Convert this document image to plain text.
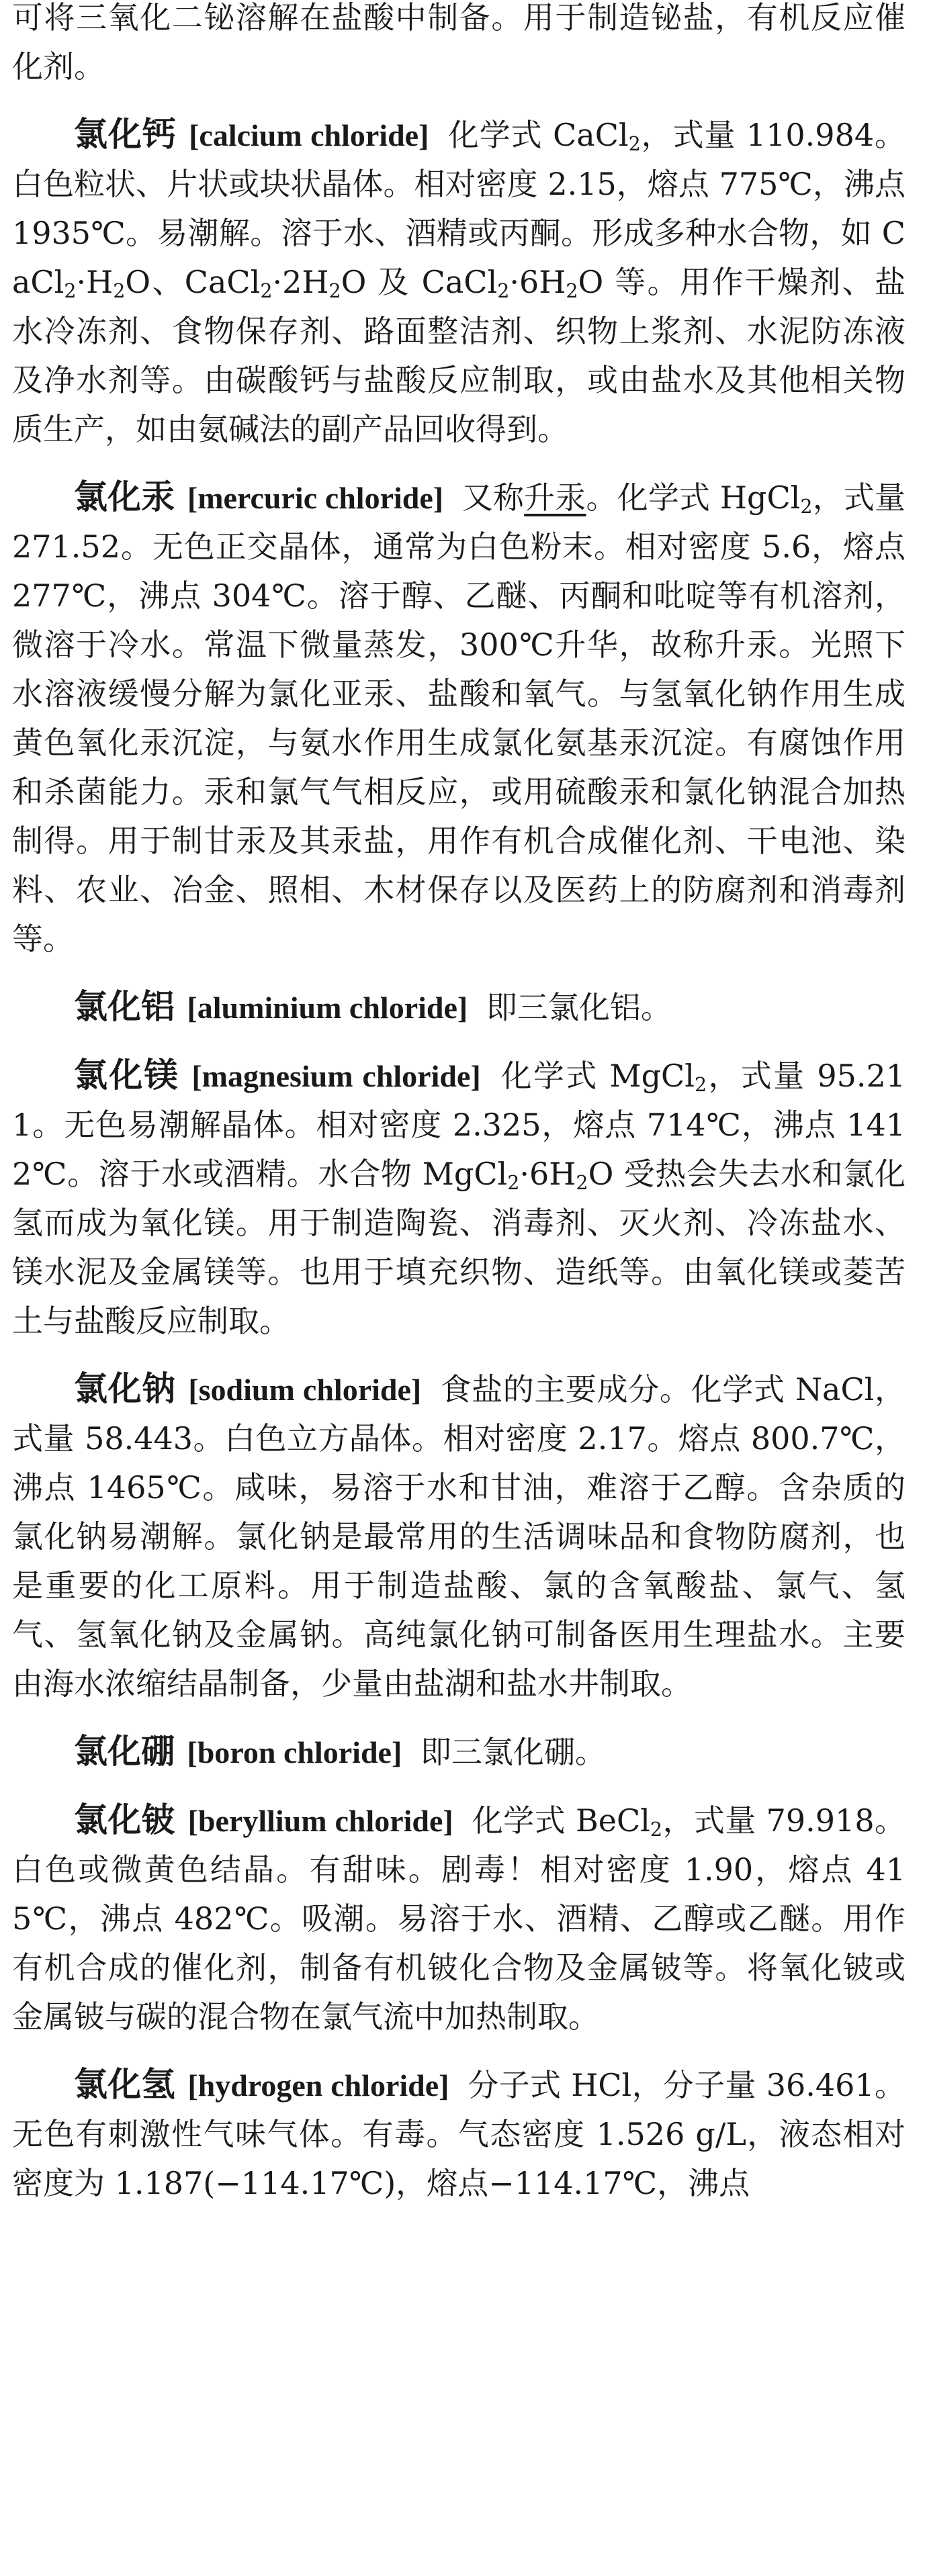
可将三氧化二铋溶解在盐酸中制备。用于制造铋盐，有机反应催化剂。

氯化钙 [calcium chloride] 化学式 CaCl$_2$，式量 110.984。白色粒状、片状或块状晶体。相对密度 2.15，熔点 775℃，沸点 1935℃。易潮解。溶于水、酒精或丙酮。形成多种水合物，如 $CaCl_2\cdot H_2O$、$CaCl_2\cdot 2H_2O$ 及 $CaCl_2\cdot 6H_2O$ 等。用作干燥剂、盐水冷冻剂、食物保存剂、路面整洁剂、织物上浆剂、水泥防冻液及净水剂等。由碳酸钙与盐酸反应制取，或由盐水及其他相关物质生产，如由氨碱法的副产品回收得到。

氯化汞 [mercuric chloride] 又称升汞。化学式 HgCl$_2$，式量 271.52。无色正交晶体，通常为白色粉末。相对密度 5.6，熔点 277℃，沸点 304℃。溶于醇、乙醚、丙酮和吡啶等有机溶剂，微溶于冷水。常温下微量蒸发，300℃升华，故称升汞。光照下水溶液缓慢分解为氯化亚汞、盐酸和氧气。与氢氧化钠作用生成黄色氧化汞沉淀，与氨水作用生成氯化氨基汞沉淀。有腐蚀作用和杀菌能力。汞和氯气气相反应，或用硫酸汞和氯化钠混合加热制得。用于制甘汞及其汞盐，用作有机合成催化剂、干电池、染料、农业、冶金、照相、木材保存以及医药上的防腐剂和消毒剂等。

氯化铝 [aluminium chloride] 即三氯化铝。

氯化镁 [magnesium chloride] 化学式 MgCl$_2$，式量 95.211。无色易潮解晶体。相对密度 2.325，熔点 714℃，沸点 1412℃。溶于水或酒精。水合物 $MgCl_2\cdot 6H_2O$ 受热会失去水和氯化氢而成为氧化镁。用于制造陶瓷、消毒剂、灭火剂、冷冻盐水、镁水泥及金属镁等。也用于填充织物、造纸等。由氧化镁或菱苦土与盐酸反应制取。

氯化钠 [sodium chloride] 食盐的主要成分。化学式 NaCl，式量 58.443。白色立方晶体。相对密度 2.17。熔点 800.7℃，沸点 1465℃。咸味，易溶于水和甘油，难溶于乙醇。含杂质的氯化钠易潮解。氯化钠是最常用的生活调味品和食物防腐剂，也是重要的化工原料。用于制造盐酸、氯的含氧酸盐、氯气、氢气、氢氧化钠及金属钠。高纯氯化钠可制备医用生理盐水。主要由海水浓缩结晶制备，少量由盐湖和盐水井制取。

氯化硼 [boron chloride] 即三氯化硼。

氯化铍 [beryllium chloride] 化学式 BeCl$_2$，式量 79.918。白色或微黄色结晶。有甜味。剧毒！相对密度 1.90，熔点 415℃，沸点 482℃。吸潮。易溶于水、酒精、乙醇或乙醚。用作有机合成的催化剂，制备有机铍化合物及金属铍等。将氧化铍或金属铍与碳的混合物在氯气流中加热制取。

氯化氢 [hydrogen chloride] 分子式 HCl，分子量 36.461。无色有刺激性气味气体。有毒。气态密度 1.526 g/L，液态相对密度为 1.187(−114.17℃)，熔点−114.17℃，沸点
